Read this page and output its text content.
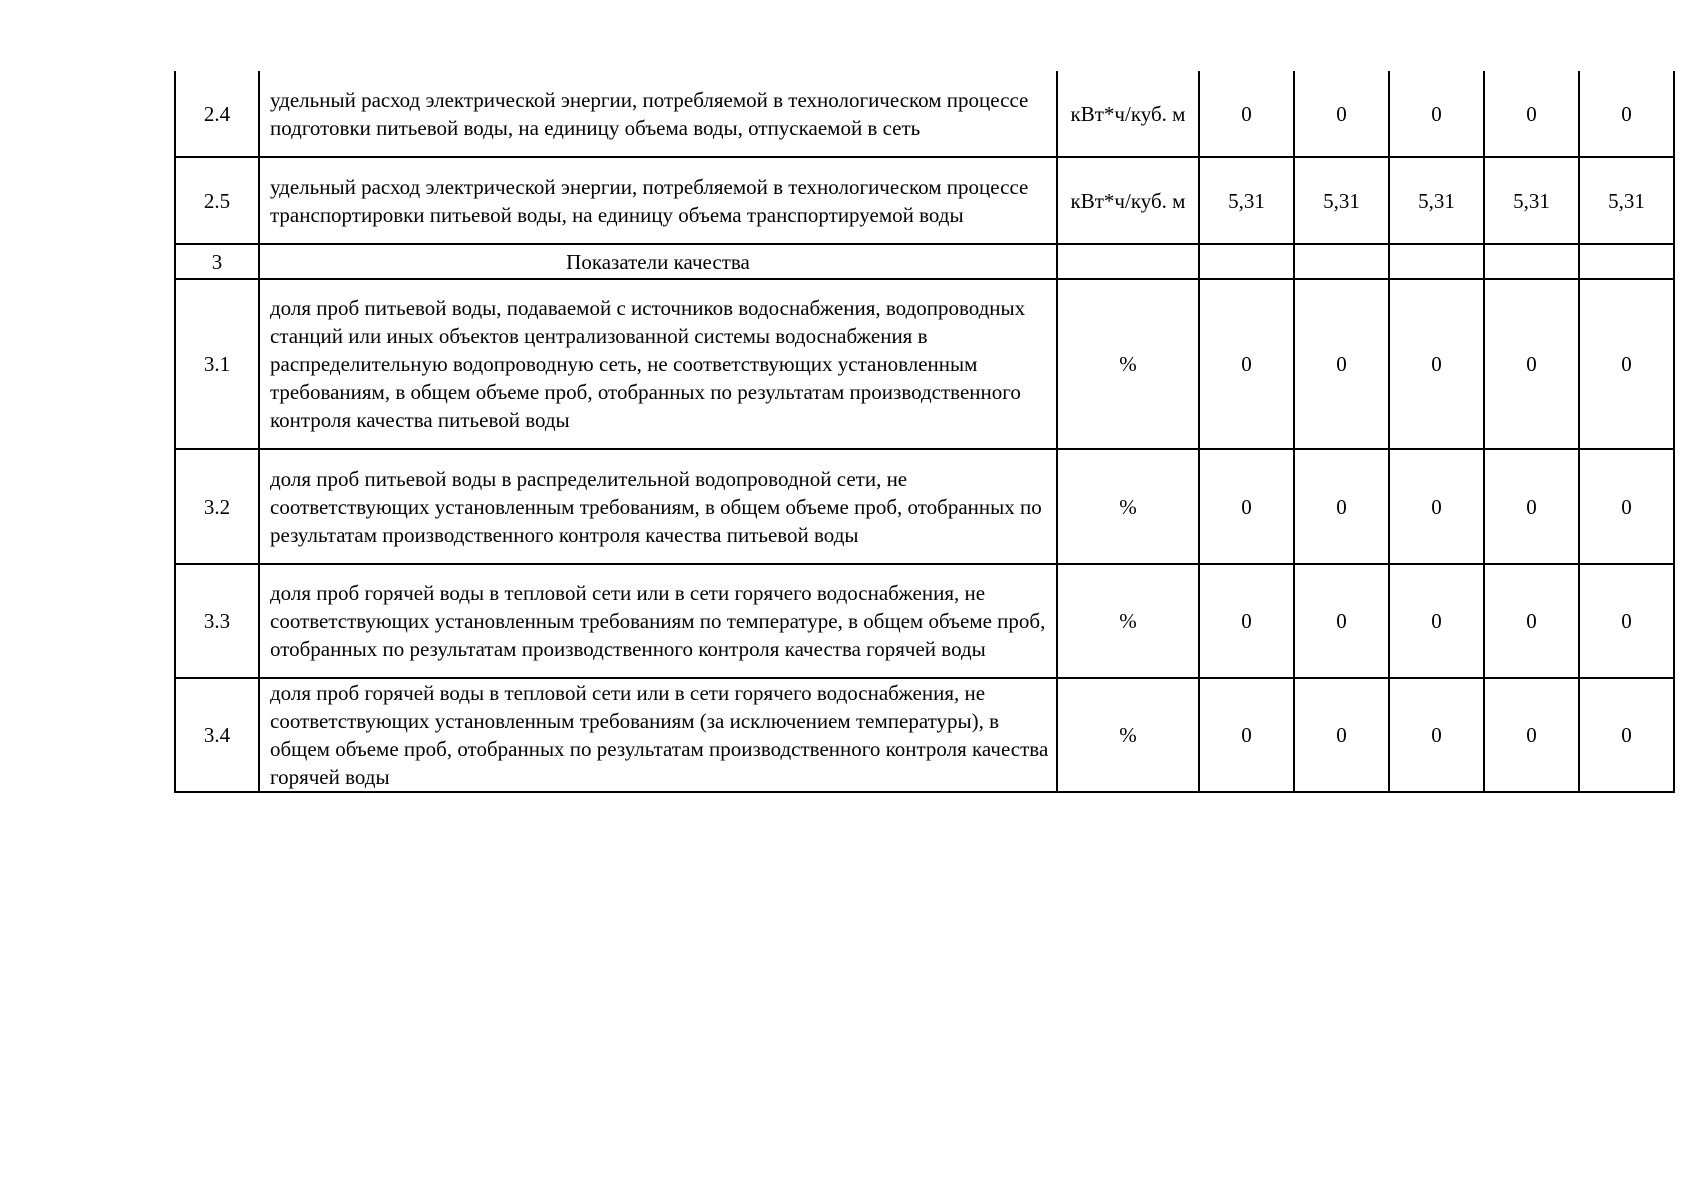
2.4	удельный расход электрической энергии, потребляемой в технологическом процессе подготовки питьевой воды, на единицу объема воды, отпускаемой в сеть	кВт*ч/куб. м	0	0	0	0	0
2.5	удельный расход электрической энергии, потребляемой в технологическом процессе транспортировки питьевой воды, на единицу объема транспортируемой воды	кВт*ч/куб. м	5,31	5,31	5,31	5,31	5,31
3	Показатели качества						
3.1	доля проб питьевой воды, подаваемой с источников водоснабжения, водопроводных станций или иных объектов централизованной системы водоснабжения в распределительную водопроводную сеть, не соответствующих установленным требованиям, в общем объеме проб, отобранных по результатам производственного контроля качества питьевой воды	%	0	0	0	0	0
3.2	доля проб питьевой воды в распределительной водопроводной сети, не соответствующих установленным требованиям, в общем объеме проб, отобранных по результатам производственного контроля качества питьевой воды	%	0	0	0	0	0
3.3	доля проб горячей воды в тепловой сети или в сети горячего водоснабжения, не соответствующих установленным требованиям по температуре, в общем объеме проб, отобранных по результатам производственного контроля качества горячей воды	%	0	0	0	0	0
3.4	доля проб горячей воды в тепловой сети или в сети горячего водоснабжения, не соответствующих установленным требованиям (за исключением температуры), в общем объеме проб, отобранных по результатам производственного контроля качества горячей воды	%	0	0	0	0	0
